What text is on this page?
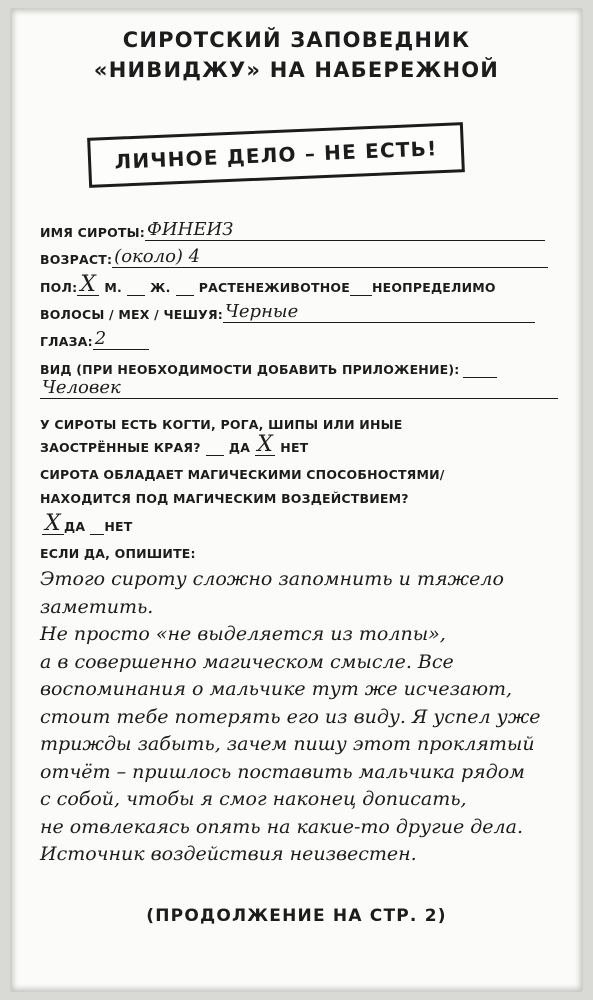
СИРОТСКИЙ ЗАПОВЕДНИК
«НИВИДЖУ» НА НАБЕРЕЖНОЙ
ЛИЧНОЕ ДЕЛО – НЕ ЕСТЬ!
ИМЯ СИРОТЫ: ФИНЕИЗ
ВОЗРАСТ: (около) 4
ПОЛ: Х М. Ж. РАСТЕНЕЖИВОТНОЕ НЕОПРЕДЕЛИМО
ВОЛОСЫ / МЕХ / ЧЕШУЯ: Черные
ГЛАЗА: 2
ВИД (ПРИ НЕОБХОДИМОСТИ ДОБАВИТЬ ПРИЛОЖЕНИЕ):
Человек
У СИРОТЫ ЕСТЬ КОГТИ, РОГА, ШИПЫ ИЛИ ИНЫЕ
ЗАОСТРЁННЫЕ КРАЯ? ДА Х НЕТ
СИРОТА ОБЛАДАЕТ МАГИЧЕСКИМИ СПОСОБНОСТЯМИ/
НАХОДИТСЯ ПОД МАГИЧЕСКИМ ВОЗДЕЙСТВИЕМ?
Х ДА НЕТ
ЕСЛИ ДА, ОПИШИТЕ:
Этого сироту сложно запомнить и тяжело
заметить.
Не просто «не выделяется из толпы»,
а в совершенно магическом смысле. Все
воспоминания о мальчике тут же исчезают,
стоит тебе потерять его из виду. Я успел уже
трижды забыть, зачем пишу этот проклятый
отчёт – пришлось поставить мальчика рядом
с собой, чтобы я смог наконец дописать,
не отвлекаясь опять на какие-то другие дела.
Источник воздействия неизвестен.
(ПРОДОЛЖЕНИЕ НА СТР. 2)
